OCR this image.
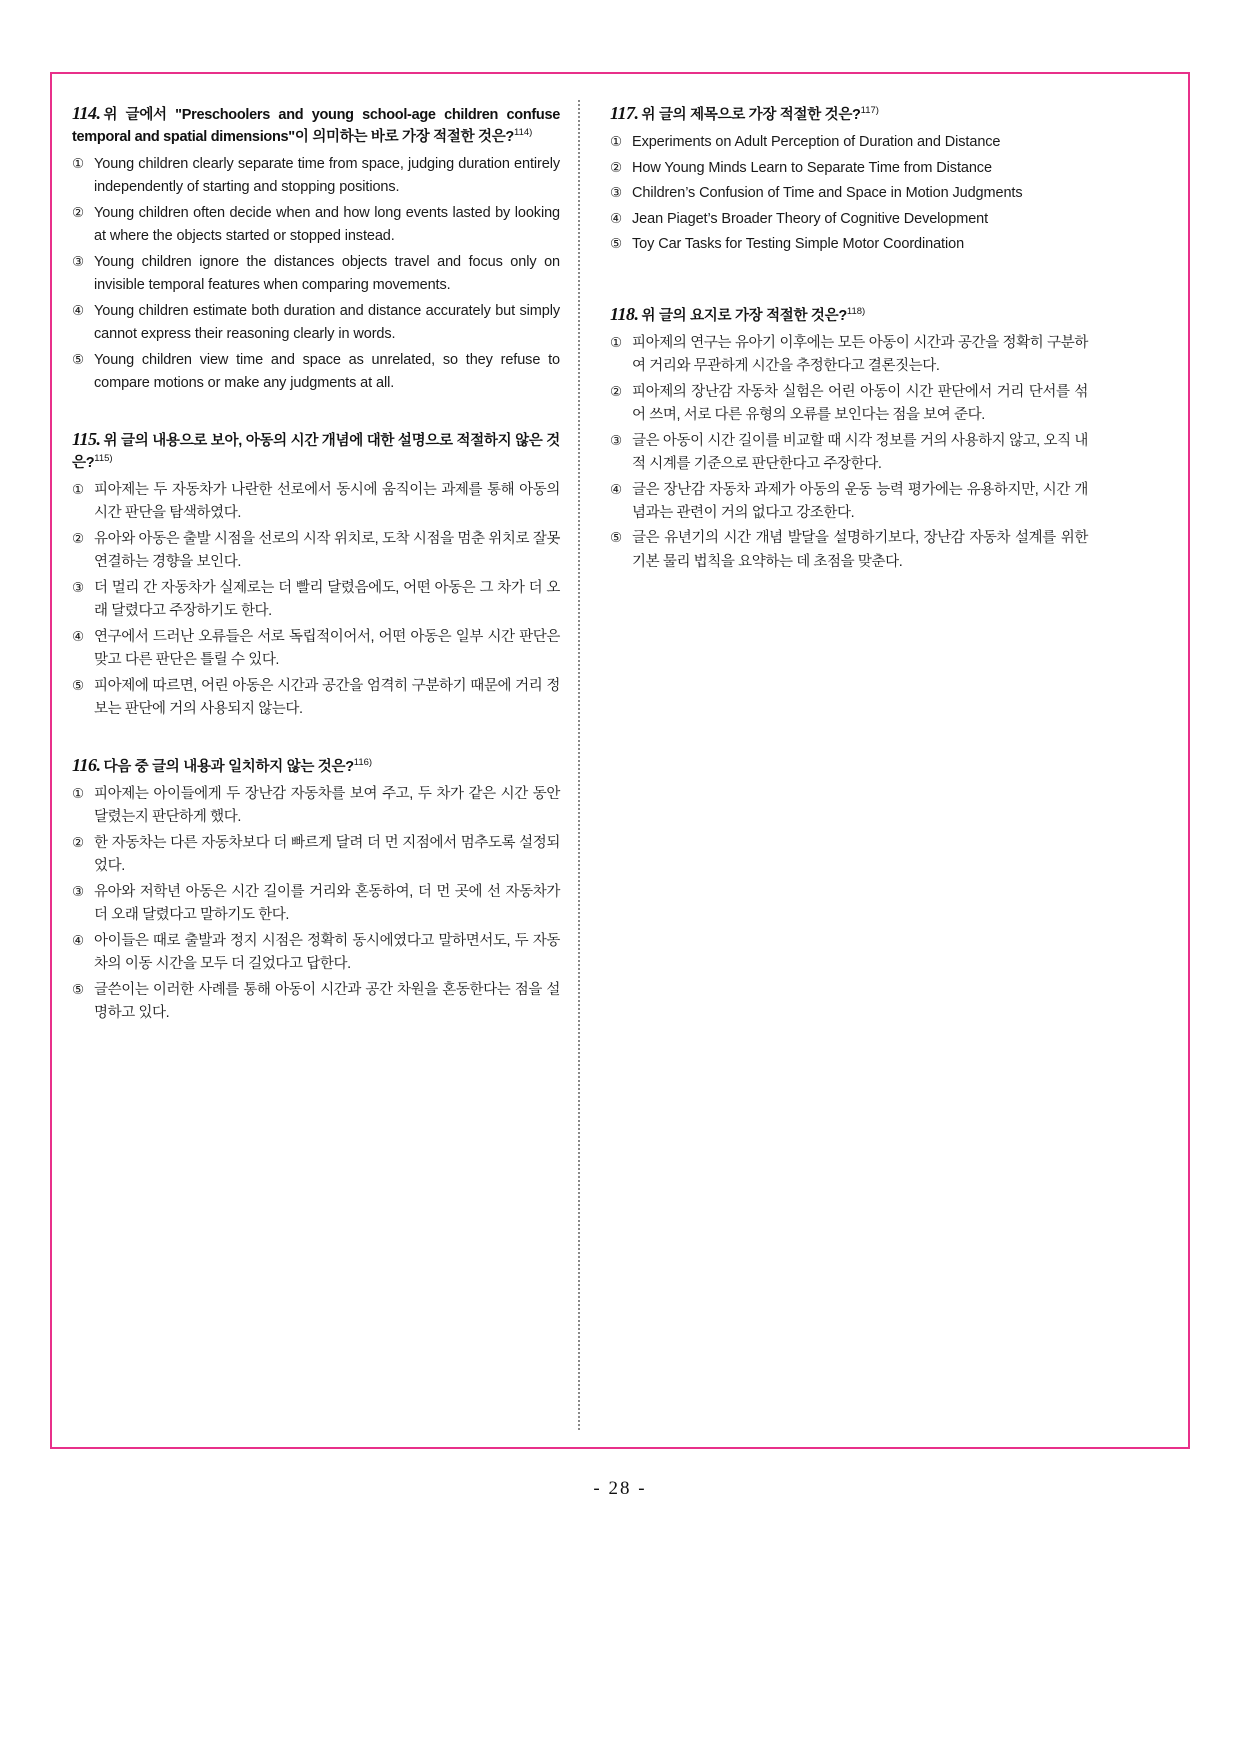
114. 위 글에서 "Preschoolers and young school-age children confuse temporal and spatial dimensions"이 의미하는 바로 가장 적절한 것은?$^{114)}$
① Young children clearly separate time from space, judging duration entirely independently of starting and stopping positions.
② Young children often decide when and how long events lasted by looking at where the objects started or stopped instead.
③ Young children ignore the distances objects travel and focus only on invisible temporal features when comparing movements.
④ Young children estimate both duration and distance accurately but simply cannot express their reasoning clearly in words.
⑤ Young children view time and space as unrelated, so they refuse to compare motions or make any judgments at all.
115. 위 글의 내용으로 보아, 아동의 시간 개념에 대한 설명으로 적절하지 않은 것은?$^{115)}$
① 피아제는 두 자동차가 나란한 선로에서 동시에 움직이는 과제를 통해 아동의 시간 판단을 탐색하였다.
② 유아와 아동은 출발 시점을 선로의 시작 위치로, 도착 시점을 멈춘 위치로 잘못 연결하는 경향을 보인다.
③ 더 멀리 간 자동차가 실제로는 더 빨리 달렸음에도, 어떤 아동은 그 차가 더 오래 달렸다고 주장하기도 한다.
④ 연구에서 드러난 오류들은 서로 독립적이어서, 어떤 아동은 일부 시간 판단은 맞고 다른 판단은 틀릴 수 있다.
⑤ 피아제에 따르면, 어린 아동은 시간과 공간을 엄격히 구분하기 때문에 거리 정보는 판단에 거의 사용되지 않는다.
116. 다음 중 글의 내용과 일치하지 않는 것은?$^{116)}$
① 피아제는 아이들에게 두 장난감 자동차를 보여 주고, 두 차가 같은 시간 동안 달렸는지 판단하게 했다.
② 한 자동차는 다른 자동차보다 더 빠르게 달려 더 먼 지점에서 멈추도록 설정되었다.
③ 유아와 저학년 아동은 시간 길이를 거리와 혼동하여, 더 먼 곳에 선 자동차가 더 오래 달렸다고 말하기도 한다.
④ 아이들은 때로 출발과 정지 시점은 정확히 동시에였다고 말하면서도, 두 자동차의 이동 시간을 모두 더 길었다고 답한다.
⑤ 글쓴이는 이러한 사례를 통해 아동이 시간과 공간 차원을 혼동한다는 점을 설명하고 있다.
117. 위 글의 제목으로 가장 적절한 것은?$^{117)}$
① Experiments on Adult Perception of Duration and Distance
② How Young Minds Learn to Separate Time from Distance
③ Children’s Confusion of Time and Space in Motion Judgments
④ Jean Piaget’s Broader Theory of Cognitive Development
⑤ Toy Car Tasks for Testing Simple Motor Coordination
118. 위 글의 요지로 가장 적절한 것은?$^{118)}$
① 피아제의 연구는 유아기 이후에는 모든 아동이 시간과 공간을 정확히 구분하여 거리와 무관하게 시간을 추정한다고 결론짓는다.
② 피아제의 장난감 자동차 실험은 어린 아동이 시간 판단에서 거리 단서를 섞어 쓰며, 서로 다른 유형의 오류를 보인다는 점을 보여 준다.
③ 글은 아동이 시간 길이를 비교할 때 시각 정보를 거의 사용하지 않고, 오직 내적 시계를 기준으로 판단한다고 주장한다.
④ 글은 장난감 자동차 과제가 아동의 운동 능력 평가에는 유용하지만, 시간 개념과는 관련이 거의 없다고 강조한다.
⑤ 글은 유년기의 시간 개념 발달을 설명하기보다, 장난감 자동차 설계를 위한 기본 물리 법칙을 요약하는 데 초점을 맞춘다.
- 28 -
